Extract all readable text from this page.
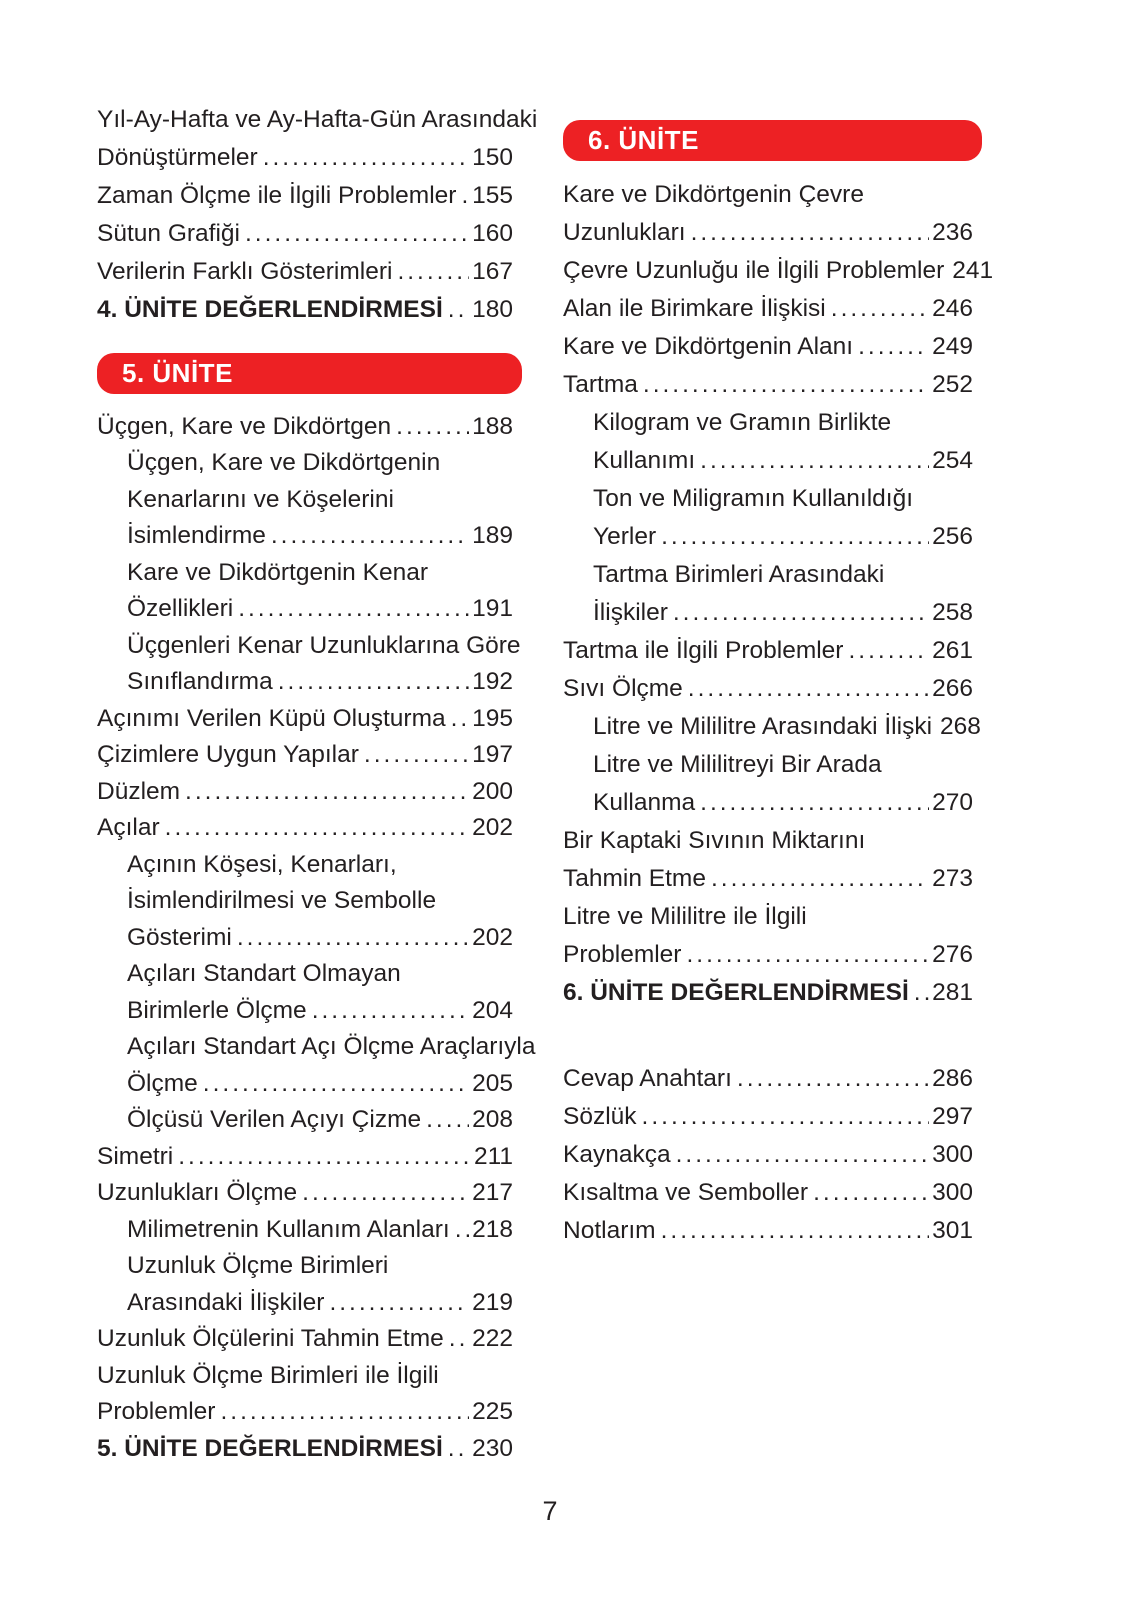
Yıl-Ay-Hafta ve Ay-Hafta-Gün Arasındaki
Dönüştürmeler .....	150
Zaman Ölçme ile İlgili Problemler ..... 155
Sütun Grafiği .....	160
Verilerin Farklı Gösterimleri .....	167
4. ÜNİTE DEĞERLENDİRMESİ ..... 180
5. ÜNİTE
Üçgen, Kare ve Dikdörtgen .....	188
Üçgen, Kare ve Dikdörtgenin
Kenarlarını ve Köşelerini
İsimlendirme .....	189
Kare ve Dikdörtgenin Kenar
Özellikleri .....	191
Üçgenleri Kenar Uzunluklarına Göre
Sınıflandırma .....	192
Açınımı Verilen Küpü Oluşturma ..... 195
Çizimlere Uygun Yapılar .....	197
Düzlem .....	200
Açılar .....	202
Açının Köşesi, Kenarları,
İsimlendirilmesi ve Sembolle
Gösterimi .....	202
Açıları Standart Olmayan
Birimlerle Ölçme .....	204
Açıları Standart Açı Ölçme Araçlarıyla
Ölçme .....	205
Ölçüsü Verilen Açıyı Çizme ..... 208
Simetri .....	211
Uzunlukları Ölçme .....	217
Milimetrenin Kullanım Alanları ..... 218
Uzunluk Ölçme Birimleri
Arasındaki İlişkiler .....	219
Uzunluk Ölçülerini Tahmin Etme ..... 222
Uzunluk Ölçme Birimleri ile İlgili
Problemler .....	225
5. ÜNİTE DEĞERLENDİRMESİ ..... 230
6. ÜNİTE
Kare ve Dikdörtgenin Çevre
Uzunlukları .....	236
Çevre Uzunluğu ile İlgili Problemler 241
Alan ile Birimkare İlişkisi .....	246
Kare ve Dikdörtgenin Alanı .....	249
Tartma .....	252
Kilogram ve Gramın Birlikte
Kullanımı .....	254
Ton ve Miligramın Kullanıldığı
Yerler .....	256
Tartma Birimleri Arasındaki
İlişkiler .....	258
Tartma ile İlgili Problemler .....	261
Sıvı Ölçme .....	266
Litre ve Mililitre Arasındaki İlişki 268
Litre ve Mililitreyi Bir Arada
Kullanma .....	270
Bir Kaptaki Sıvının Miktarını
Tahmin Etme .....	273
Litre ve Mililitre ile İlgili
Problemler .....	276
6. ÜNİTE DEĞERLENDİRMESİ ..... 281
Cevap Anahtarı .....	286
Sözlük .....	297
Kaynakça .....	300
Kısaltma ve Semboller .....	300
Notlarım .....	301
7
